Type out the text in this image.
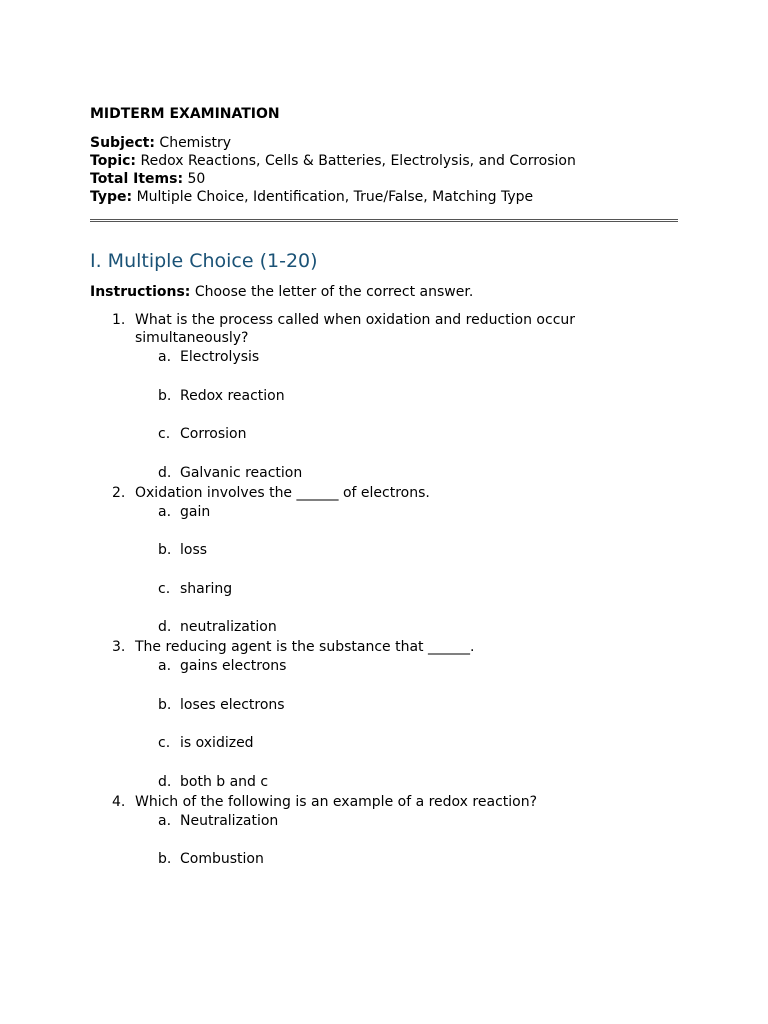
MIDTERM EXAMINATION
Subject: Chemistry
Topic: Redox Reactions, Cells & Batteries, Electrolysis, and Corrosion
Total Items: 50
Type: Multiple Choice, Identification, True/False, Matching Type
I. Multiple Choice (1-20)
Instructions: Choose the letter of the correct answer.
1. What is the process called when oxidation and reduction occur simultaneously?
a. Electrolysis
b. Redox reaction
c. Corrosion
d. Galvanic reaction
2. Oxidation involves the ______ of electrons.
a. gain
b. loss
c. sharing
d. neutralization
3. The reducing agent is the substance that ______.
a. gains electrons
b. loses electrons
c. is oxidized
d. both b and c
4. Which of the following is an example of a redox reaction?
a. Neutralization
b. Combustion
